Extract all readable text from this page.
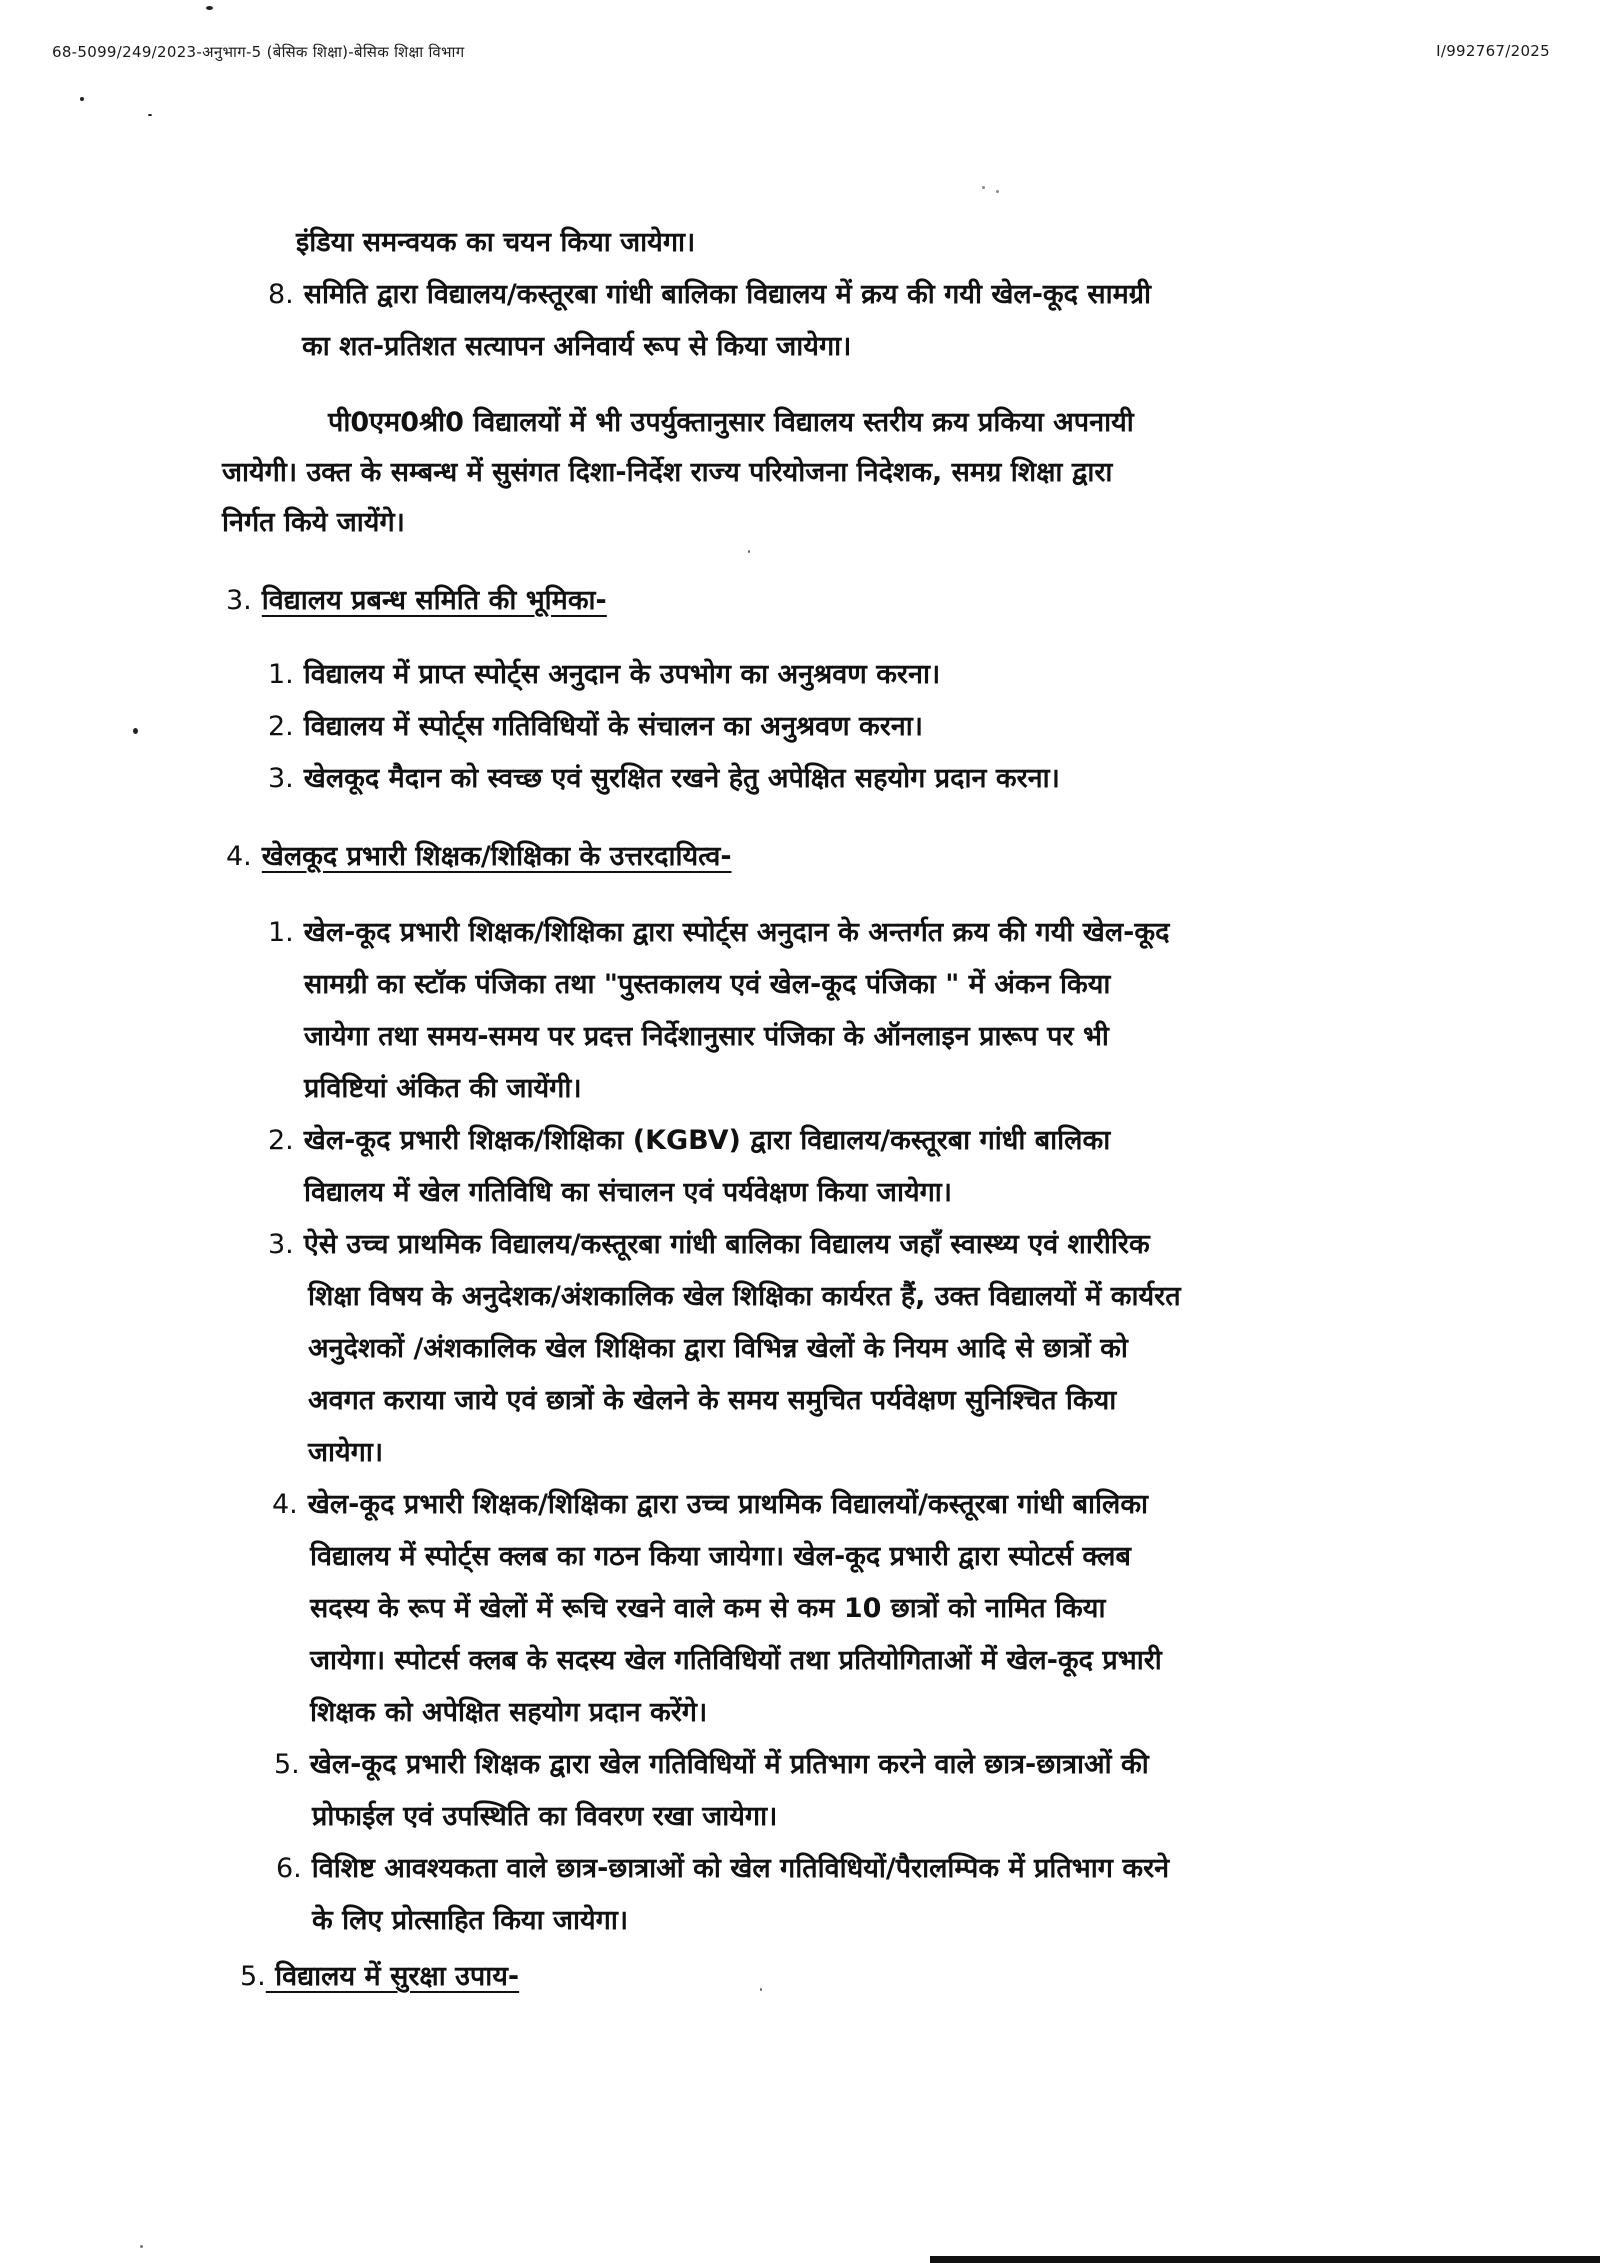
68-5099/249/2023-अनुभाग-5 (बेसिक शिक्षा)-बेसिक शिक्षा विभाग	I/992767/2025
इंडिया समन्वयक का चयन किया जायेगा।
8. समिति द्वारा विद्यालय/कस्तूरबा गांधी बालिका विद्यालय में क्रय की गयी खेल-कूद सामग्री
का शत-प्रतिशत सत्यापन अनिवार्य रूप से किया जायेगा।
पी0एम0श्री0 विद्यालयों में भी उपर्युक्तानुसार विद्यालय स्तरीय क्रय प्रकिया अपनायी
जायेगी। उक्त के सम्बन्ध में सुसंगत दिशा-निर्देश राज्य परियोजना निदेशक, समग्र शिक्षा द्वारा
निर्गत किये जायेंगे।
3. विद्यालय प्रबन्ध समिति की भूमिका-
1. विद्यालय में प्राप्त स्पोर्ट्स अनुदान के उपभोग का अनुश्रवण करना।
2. विद्यालय में स्पोर्ट्स गतिविधियों के संचालन का अनुश्रवण करना।
3. खेलकूद मैदान को स्वच्छ एवं सुरक्षित रखने हेतु अपेक्षित सहयोग प्रदान करना।
4. खेलकूद प्रभारी शिक्षक/शिक्षिका के उत्तरदायित्व-
1. खेल-कूद प्रभारी शिक्षक/शिक्षिका द्वारा स्पोर्ट्स अनुदान के अन्तर्गत क्रय की गयी खेल-कूद
सामग्री का स्टॉक पंजिका तथा "पुस्तकालय एवं खेल-कूद पंजिका " में अंकन किया
जायेगा तथा समय-समय पर प्रदत्त निर्देशानुसार पंजिका के ऑनलाइन प्रारूप पर भी
प्रविष्टियां अंकित की जायेंगी।
2. खेल-कूद प्रभारी शिक्षक/शिक्षिका (KGBV) द्वारा विद्यालय/कस्तूरबा गांधी बालिका
विद्यालय में खेल गतिविधि का संचालन एवं पर्यवेक्षण किया जायेगा।
3. ऐसे उच्च प्राथमिक विद्यालय/कस्तूरबा गांधी बालिका विद्यालय जहाँ स्वास्थ्य एवं शारीरिक
शिक्षा विषय के अनुदेशक/अंशकालिक खेल शिक्षिका कार्यरत हैं, उक्त विद्यालयों में कार्यरत
अनुदेशकों /अंशकालिक खेल शिक्षिका द्वारा विभिन्न खेलों के नियम आदि से छात्रों को
अवगत कराया जाये एवं छात्रों के खेलने के समय समुचित पर्यवेक्षण सुनिश्चित किया
जायेगा।
4. खेल-कूद प्रभारी शिक्षक/शिक्षिका द्वारा उच्च प्राथमिक विद्यालयों/कस्तूरबा गांधी बालिका
विद्यालय में स्पोर्ट्स क्लब का गठन किया जायेगा। खेल-कूद प्रभारी द्वारा स्पोटर्स क्लब
सदस्य के रूप में खेलों में रूचि रखने वाले कम से कम 10 छात्रों को नामित किया
जायेगा। स्पोटर्स क्लब के सदस्य खेल गतिविधियों तथा प्रतियोगिताओं में खेल-कूद प्रभारी
शिक्षक को अपेक्षित सहयोग प्रदान करेंगे।
5. खेल-कूद प्रभारी शिक्षक द्वारा खेल गतिविधियों में प्रतिभाग करने वाले छात्र-छात्राओं की
प्रोफाईल एवं उपस्थिति का विवरण रखा जायेगा।
6. विशिष्ट आवश्यकता वाले छात्र-छात्राओं को खेल गतिविधियों/पैरालम्पिक में प्रतिभाग करने
के लिए प्रोत्साहित किया जायेगा।
5. विद्यालय में सुरक्षा उपाय-
